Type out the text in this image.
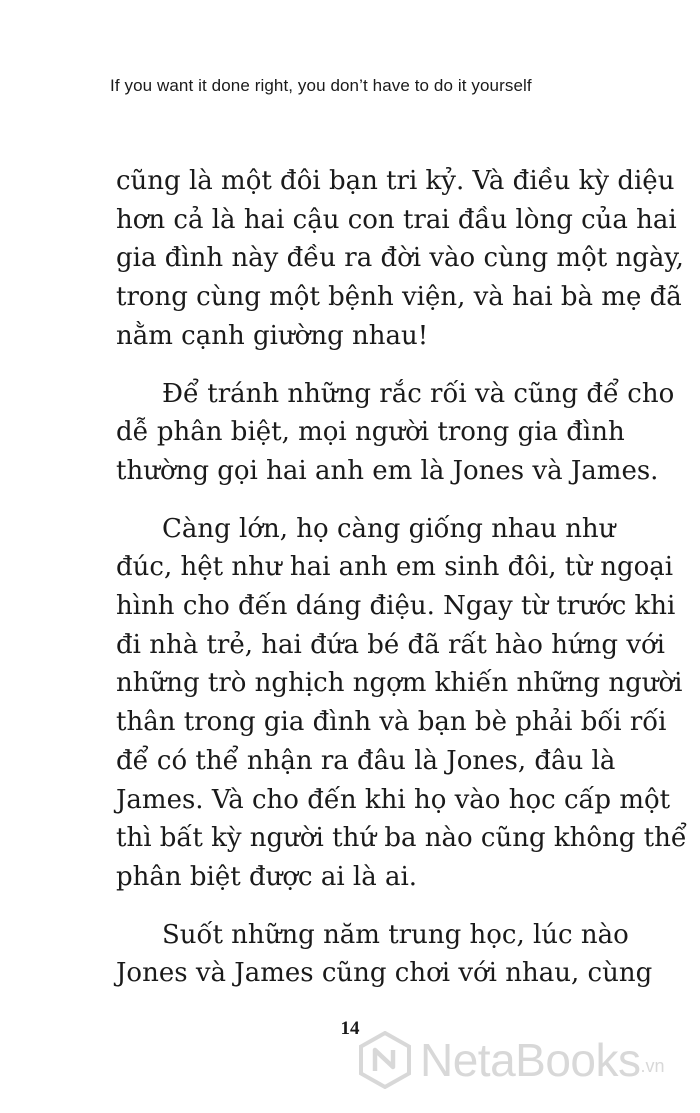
If you want it done right, you don’t have to do it yourself

cũng là một đôi bạn tri kỷ. Và điều kỳ diệu
hơn cả là hai cậu con trai đầu lòng của hai
gia đình này đều ra đời vào cùng một ngày,
trong cùng một bệnh viện, và hai bà mẹ đã
nằm cạnh giường nhau!

Để tránh những rắc rối và cũng để cho
dễ phân biệt, mọi người trong gia đình
thường gọi hai anh em là Jones và James.

Càng lớn, họ càng giống nhau như
đúc, hệt như hai anh em sinh đôi, từ ngoại
hình cho đến dáng điệu. Ngay từ trước khi
đi nhà trẻ, hai đứa bé đã rất hào hứng với
những trò nghịch ngợm khiến những người
thân trong gia đình và bạn bè phải bối rối
để có thể nhận ra đâu là Jones, đâu là
James. Và cho đến khi họ vào học cấp một
thì bất kỳ người thứ ba nào cũng không thể
phân biệt được ai là ai.

Suốt những năm trung học, lúc nào
Jones và James cũng chơi với nhau, cùng

14
NetaBooks .vn
